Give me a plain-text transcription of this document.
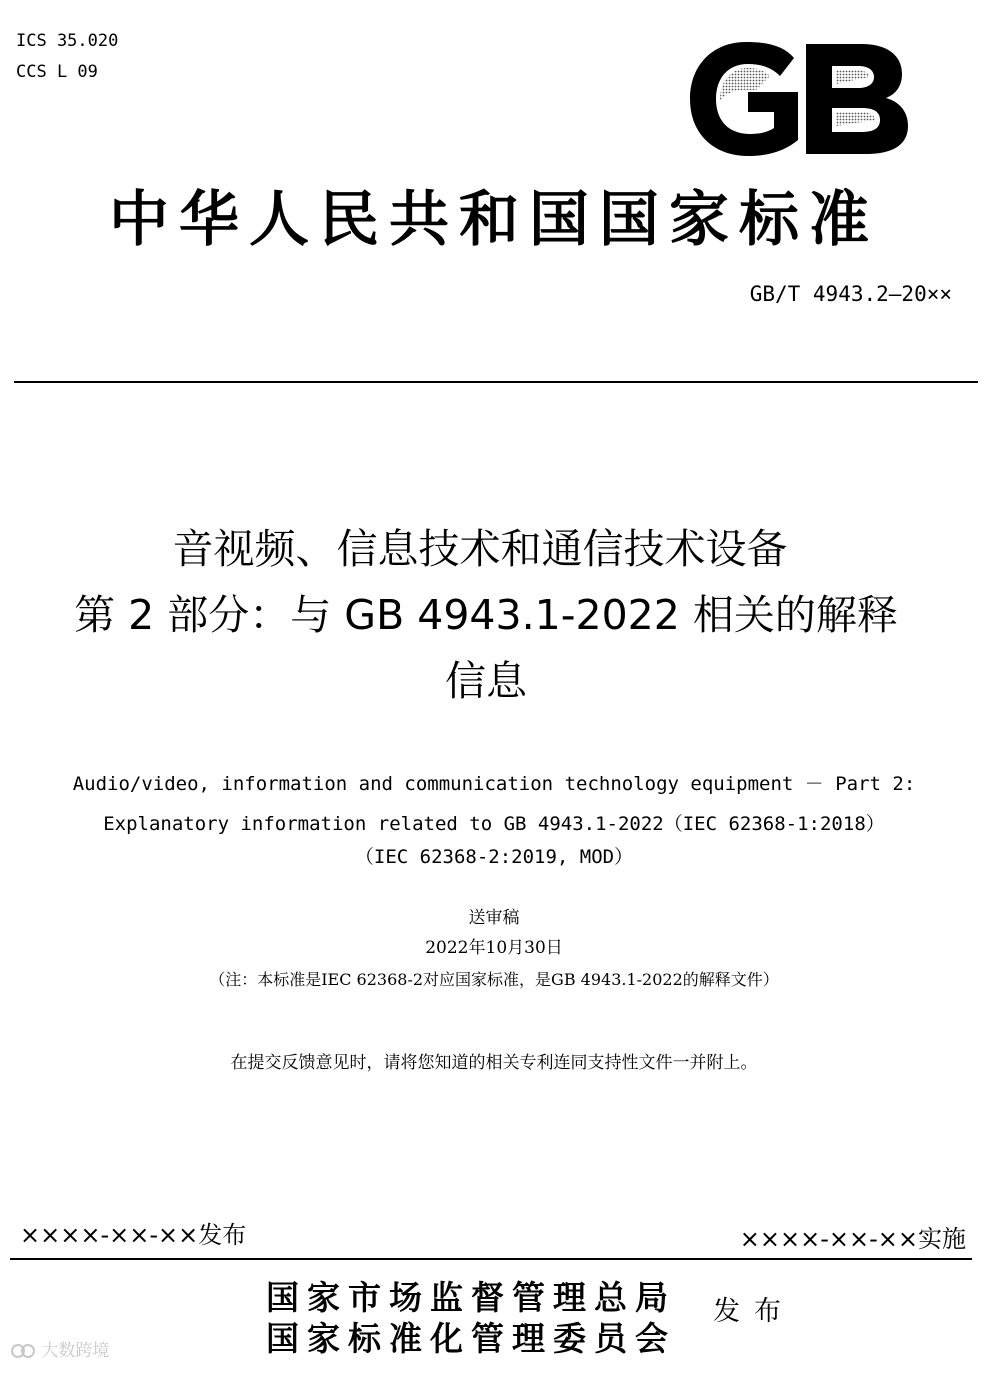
ICS 35.020
CCS L 09
中华人民共和国国家标准
GB/T 4943.2—20××
音视频、信息技术和通信技术设备
第 2 部分：与 GB 4943.1-2022 相关的解释
信息
Audio/video, information and communication technology equipment － Part 2:
Explanatory information related to GB 4943.1-2022（IEC 62368-1:2018）
（IEC 62368-2:2019, MOD）
送审稿
2022年10月30日
（注：本标准是IEC 62368-2对应国家标准，是GB 4943.1-2022的解释文件）
在提交反馈意见时，请将您知道的相关专利连同支持性文件一并附上。
××××-××-××发布	××××-××-××实施
国家市场监督管理总局
国家标准化管理委员会
发布
大数跨境
